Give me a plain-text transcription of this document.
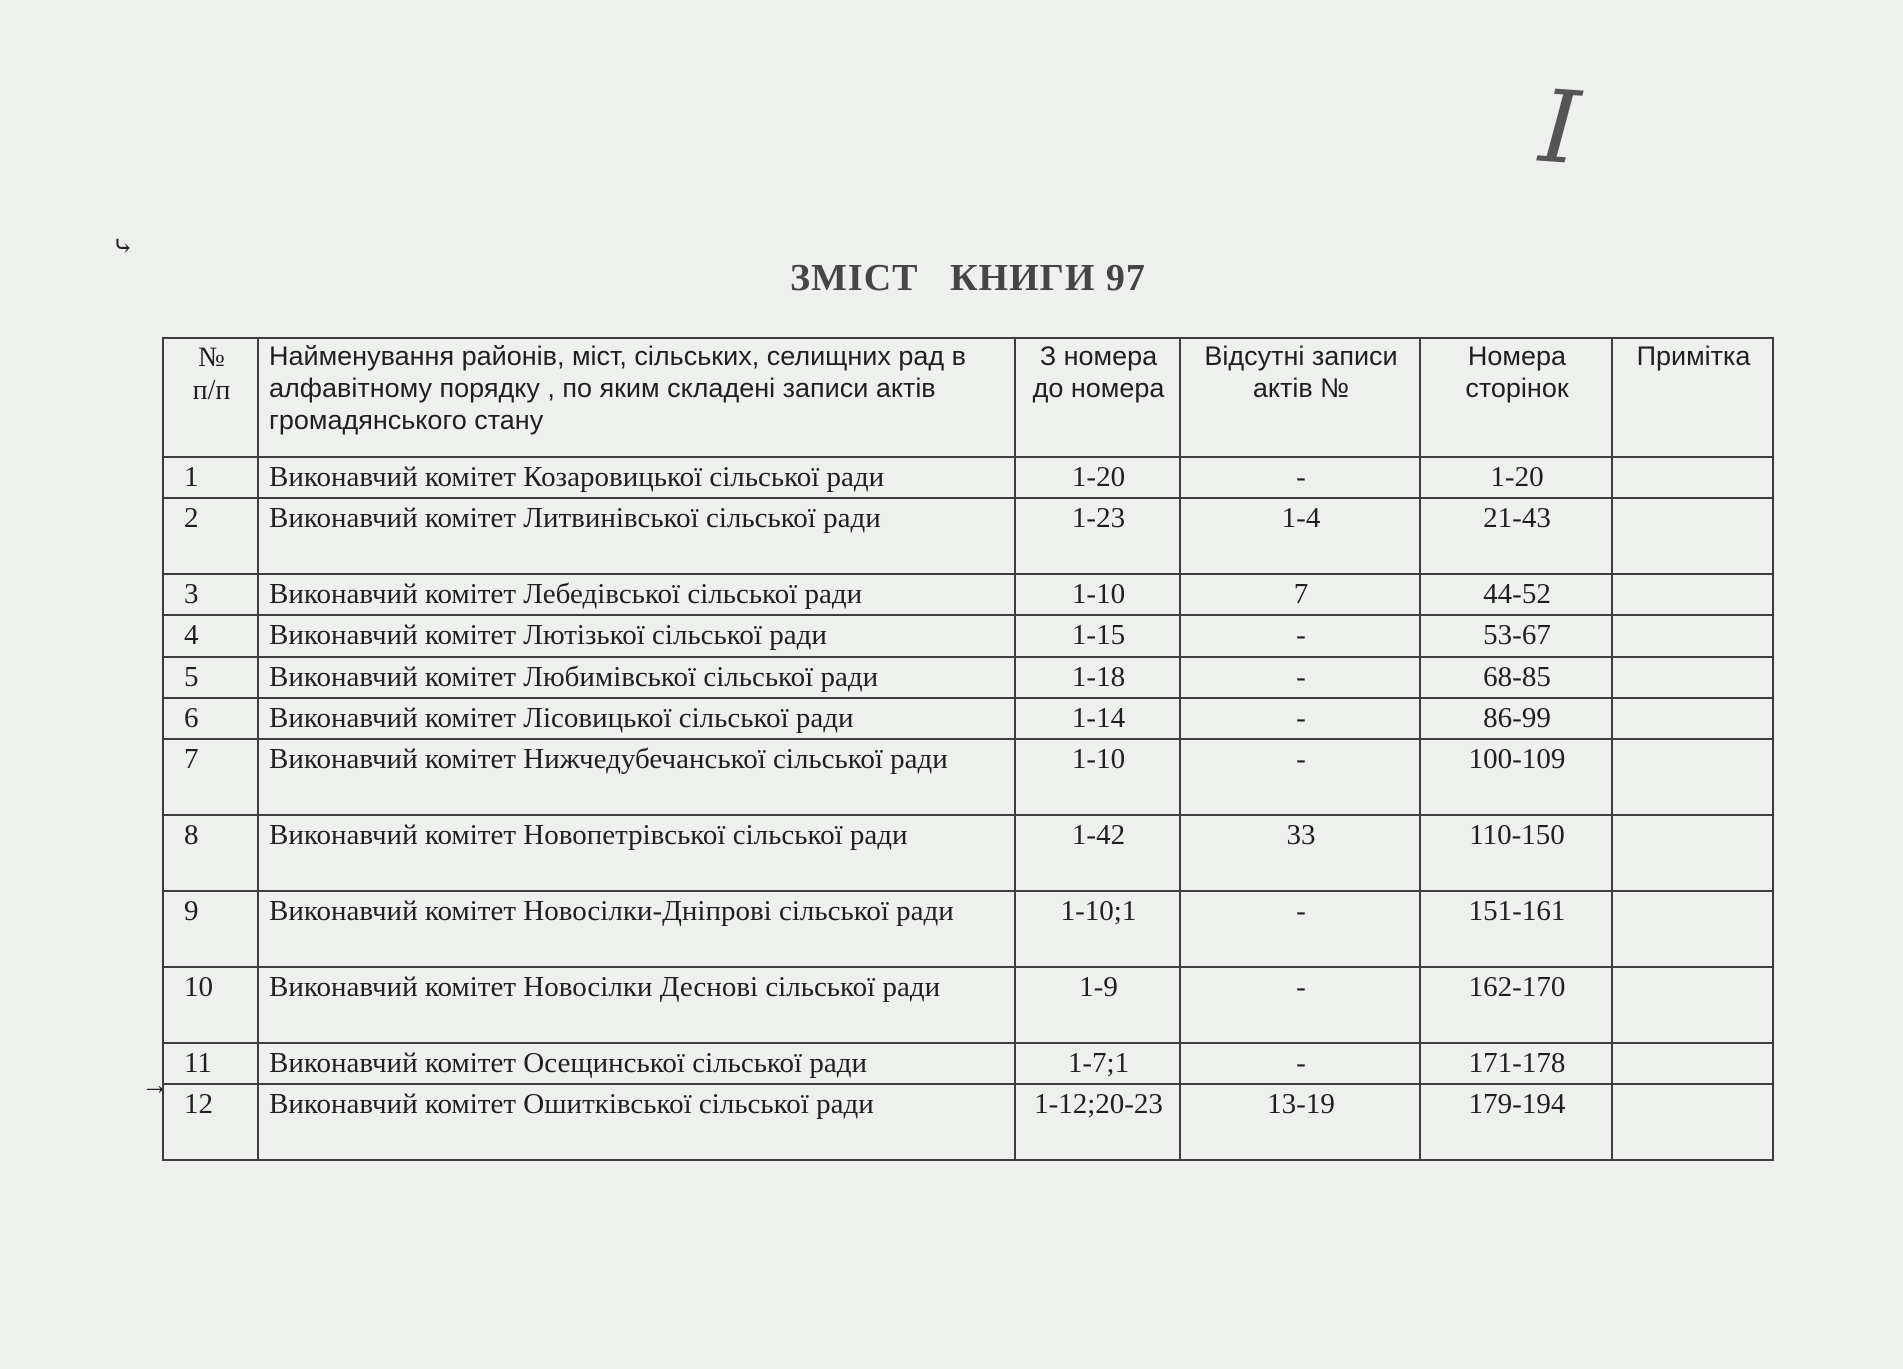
I
⤷
→
ЗМІСТ   КНИГИ 97
№
п/п	Найменування районів, міст, сільських, селищних рад в алфавітному порядку , по яким складені записи актів громадянського стану	З номера до номера	Відсутні записи актів №	Номера сторінок	Примітка
1	Виконавчий комітет Козаровицької сільської ради	1-20	-	1-20	
2	Виконавчий комітет Литвинівської сільської ради	1-23	1-4	21-43	
3	Виконавчий комітет Лебедівської сільської ради	1-10	7	44-52	
4	Виконавчий комітет Лютізької сільської ради	1-15	-	53-67	
5	Виконавчий комітет Любимівської сільської ради	1-18	-	68-85	
6	Виконавчий комітет Лісовицької сільської ради	1-14	-	86-99	
7	Виконавчий комітет Нижчедубечанської сільської ради	1-10	-	100-109	
8	Виконавчий комітет Новопетрівської сільської ради	1-42	33	110-150	
9	Виконавчий комітет Новосілки-Дніпрові сільської ради	1-10;1	-	151-161	
10	Виконавчий комітет Новосілки Деснові сільської ради	1-9	-	162-170	
11	Виконавчий комітет Осещинської сільської ради	1-7;1	-	171-178	
12	Виконавчий комітет Ошитківської сільської ради	1-12;20-23	13-19	179-194	
